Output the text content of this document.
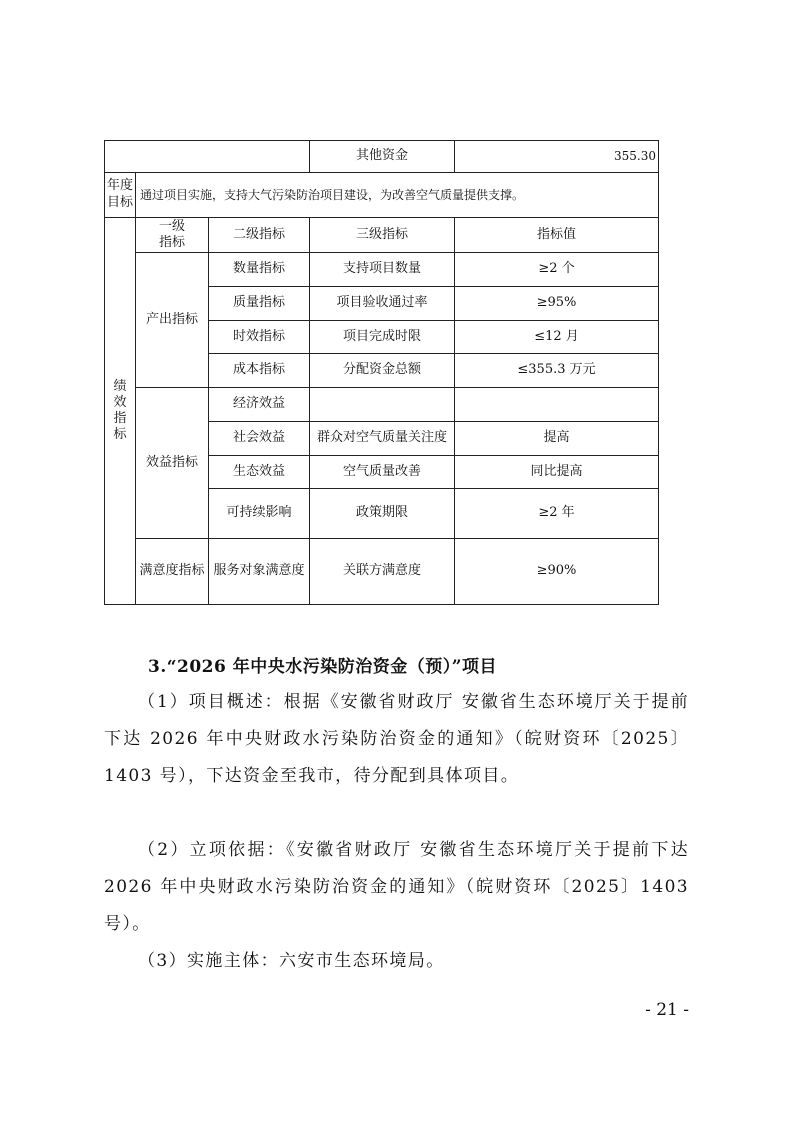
			其他资金	355.30
年度目标	通过项目实施，支持大气污染防治项目建设，为改善空气质量提供支撑。			
绩效指标	一级指标	二级指标	三级指标	指标值
	产出指标	数量指标	支持项目数量	≥2 个
		质量指标	项目验收通过率	≥95%
		时效指标	项目完成时限	≤12 月
		成本指标	分配资金总额	≤355.3 万元
	效益指标	经济效益		
		社会效益	群众对空气质量关注度	提高
		生态效益	空气质量改善	同比提高
		可持续影响	政策期限	≥2 年
	满意度指标	服务对象满意度	关联方满意度	≥90%
3.“2026 年中央水污染防治资金（预）”项目
（1）项目概述：根据《安徽省财政厅 安徽省生态环境厅关于提前下达 2026 年中央财政水污染防治资金的通知》（皖财资环〔2025〕1403 号），下达资金至我市，待分配到具体项目。
（2）立项依据：《安徽省财政厅 安徽省生态环境厅关于提前下达 2026 年中央财政水污染防治资金的通知》（皖财资环〔2025〕1403 号）。
（3）实施主体：六安市生态环境局。
- 21 -
